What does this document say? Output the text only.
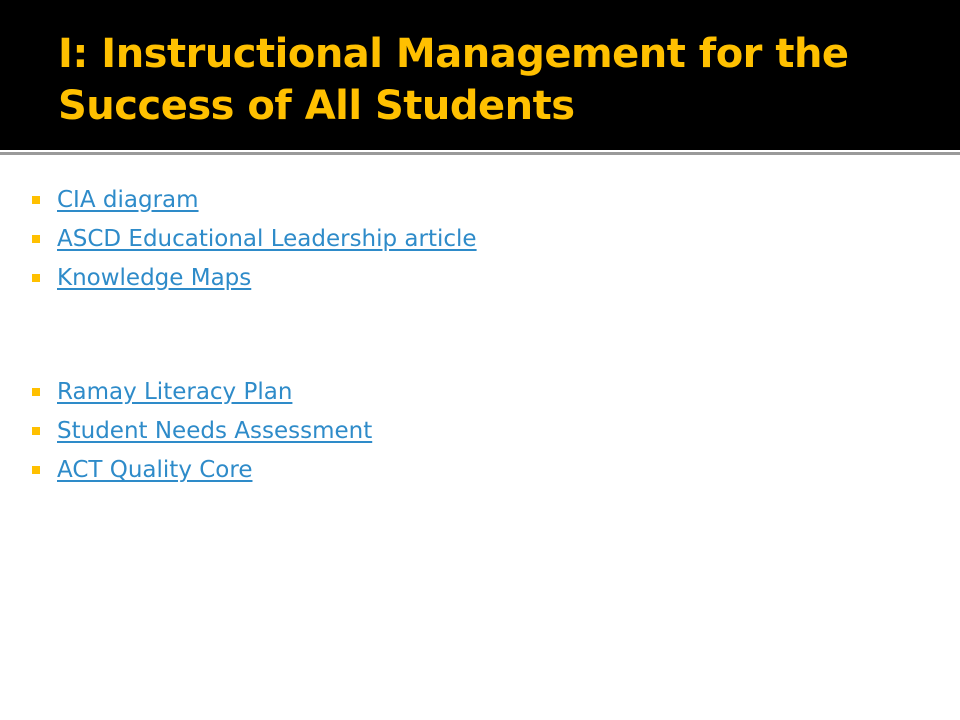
I: Instructional Management for the Success of All Students
CIA diagram
ASCD Educational Leadership article
Knowledge Maps
Ramay Literacy Plan
Student Needs Assessment
ACT Quality Core
